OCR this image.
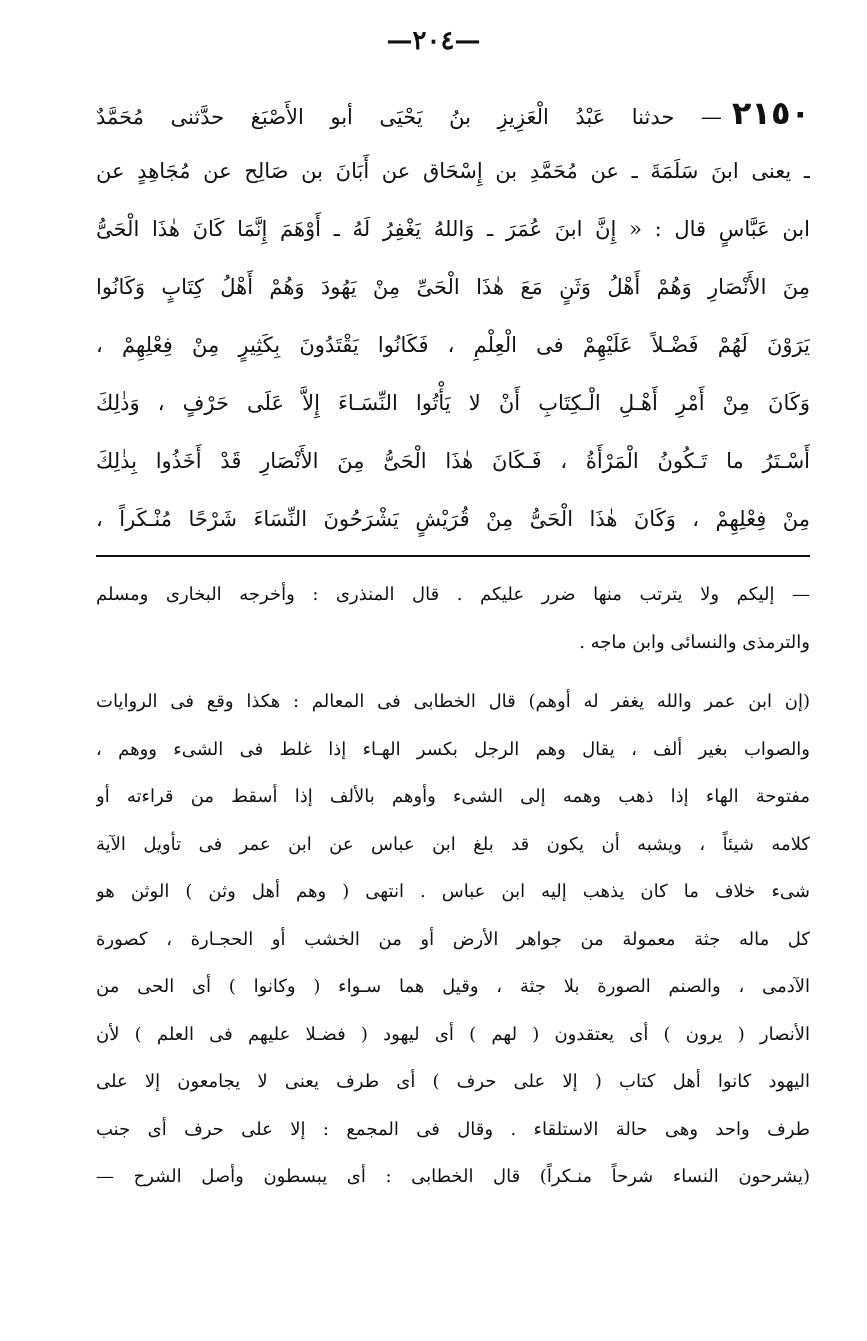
—٢٠٤—
٢١٥٠— حدثنا عَبْدُ الْعَزِيزِ بنُ يَحْيَى أبو الأَصْبَغ حدَّثنى مُحَمَّدٌ
ـ يعنى ابنَ سَلَمَةَ ـ عن مُحَمَّدِ بن إِسْحَاق عن أَبَانَ بن صَالِح عن مُجَاهِدٍ عن
ابن عَبَّاسٍ قال : « إِنَّ ابنَ عُمَرَ ـ وَاللهُ يَغْفِرُ لَهُ ـ أَوْهَمَ إِنَّمَا كَانَ هٰذَا الْحَىُّ
مِنَ الأَنْصَارِ وَهُمْ أَهْلُ وَثَنٍ مَعَ هٰذَا الْحَىِّ مِنْ يَهُودَ وَهُمْ أَهْلُ كِتَابٍ وَكَانُوا
يَرَوْنَ لَهُمْ فَضْـلاً عَلَيْهِمْ فى الْعِلْمِ ، فَكَانُوا يَقْتَدُونَ بِكَثِيرٍ مِنْ فِعْلِهِمْ ،
وَكَانَ مِنْ أَمْرِ أَهْـلِ الْـكِتَابِ أَنْ لا يَأْتُوا النِّسَـاءَ إِلاَّ عَلَى حَرْفٍ ، وَذٰلِكَ
أَسْـتَرُ ما تَـكُونُ الْمَرْأَةُ ، فَـكَانَ هٰذَا الْحَىُّ مِنَ الأَنْصَارِ قَدْ أَخَذُوا بِذٰلِكَ
مِنْ فِعْلِهِمْ ، وَكَانَ هٰذَا الْحَىُّ مِنْ قُرَيْشٍ يَشْرَحُونَ النِّسَاءَ شَرْحًا مُنْـكَراً ،
— إليكم ولا يترتب منها ضرر عليكم . قال المنذرى : وأخرجه البخارى ومسلم
والترمذى والنسائى وابن ماجه .
(إن ابن عمر والله يغفر له أوهم) قال الخطابى فى المعالم : هكذا وقع فى الروايات
والصواب بغير ألف ، يقال وهم الرجل بكسر الهـاء إذا غلط فى الشىء ووهم ،
مفتوحة الهاء إذا ذهب وهمه إلى الشىء وأوهم بالألف إذا أسقط من قراءته أو
كلامه شيئاً ، ويشبه أن يكون قد بلغ ابن عباس عن ابن عمر فى تأويل الآية
شىء خلاف ما كان يذهب إليه ابن عباس . انتهى ( وهم أهل وثن ) الوثن هو
كل ماله جثة معمولة من جواهر الأرض أو من الخشب أو الحجـارة ، كصورة
الآدمى ، والصنم الصورة بلا جثة ، وقيل هما سـواء ( وكانوا ) أى الحى من
الأنصار ( يرون ) أى يعتقدون ( لهم ) أى ليهود ( فضـلا عليهم فى العلم ) لأن
اليهود كانوا أهل كتاب ( إلا على حرف ) أى طرف يعنى لا يجامعون إلا على
طرف واحد وهى حالة الاستلقاء . وقال فى المجمع : إلا على حرف أى جنب
(يشرحون النساء شرحاً منـكراً) قال الخطابى : أى يبسطون وأصل الشرح —
